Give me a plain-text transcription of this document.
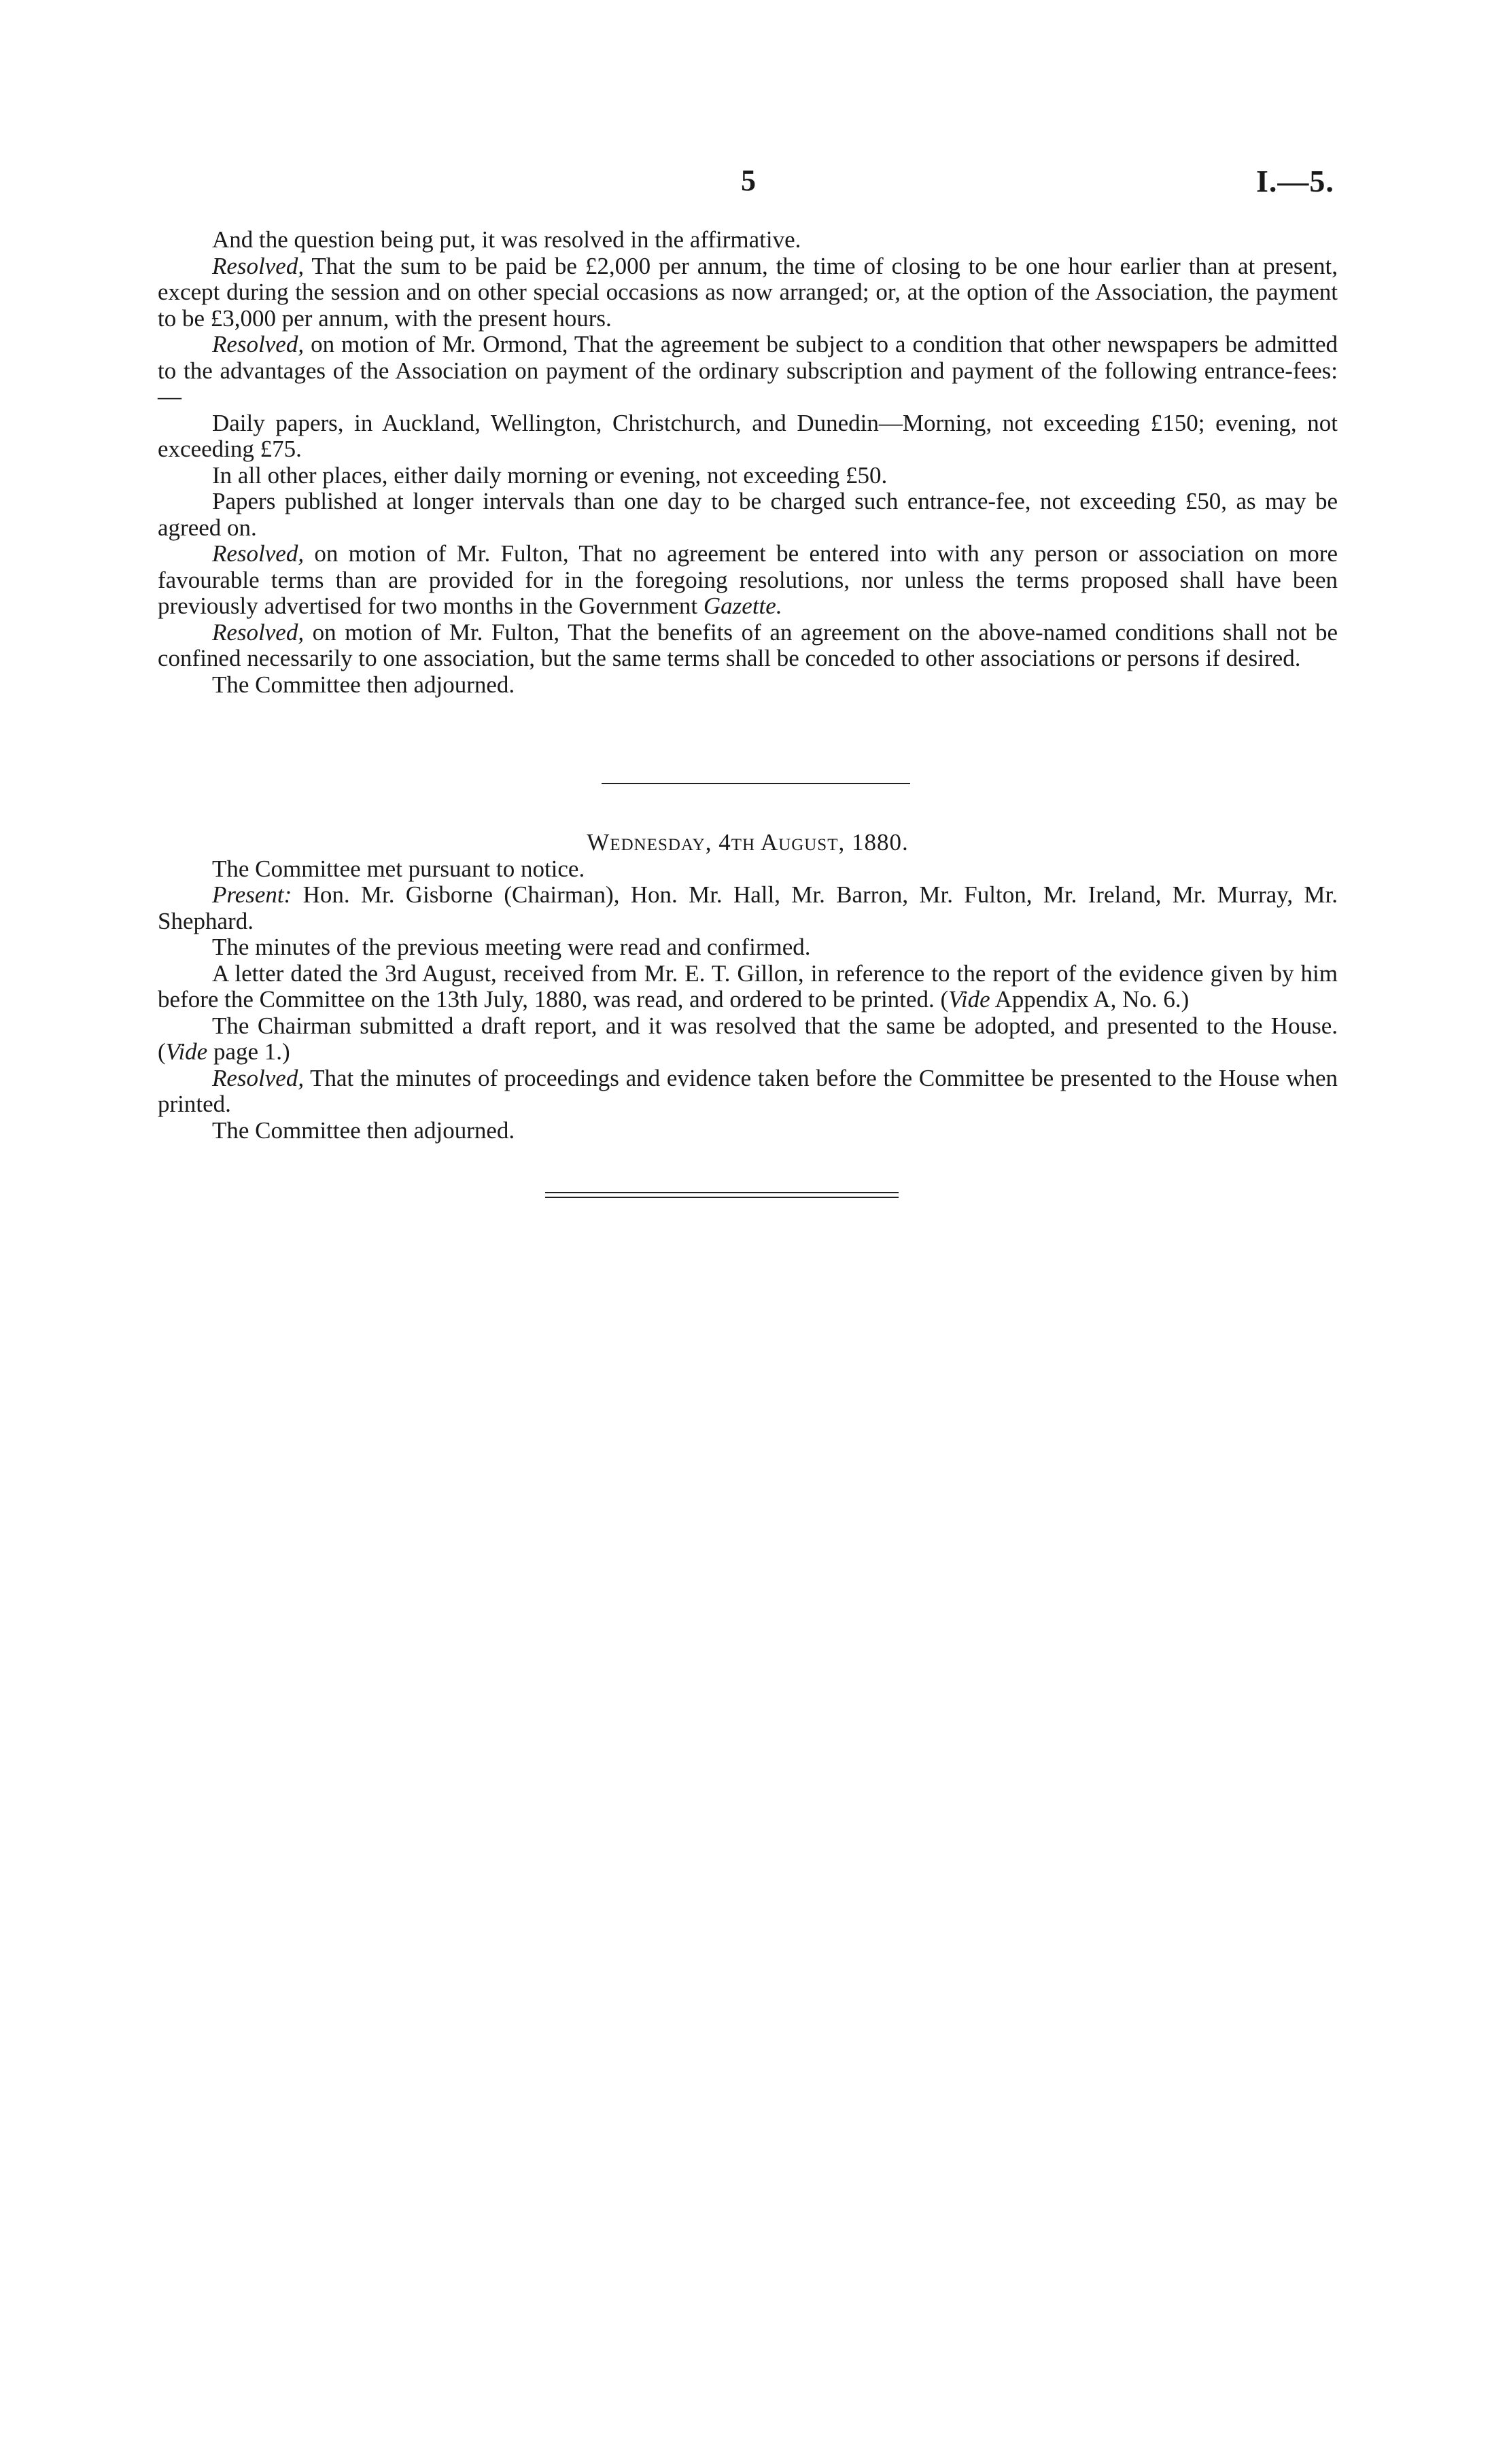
5	I.—5.

And the question being put, it was resolved in the affirmative.

Resolved, That the sum to be paid be £2,000 per annum, the time of closing to be one hour earlier than at present, except during the session and on other special occasions as now arranged; or, at the option of the Association, the payment to be £3,000 per annum, with the present hours.

Resolved, on motion of Mr. Ormond, That the agreement be subject to a condition that other newspapers be admitted to the advantages of the Association on payment of the ordinary subscription and payment of the following entrance-fees:—

Daily papers, in Auckland, Wellington, Christchurch, and Dunedin—Morning, not exceeding £150; evening, not exceeding £75.

In all other places, either daily morning or evening, not exceeding £50.

Papers published at longer intervals than one day to be charged such entrance-fee, not exceeding £50, as may be agreed on.

Resolved, on motion of Mr. Fulton, That no agreement be entered into with any person or association on more favourable terms than are provided for in the foregoing resolutions, nor unless the terms proposed shall have been previously advertised for two months in the Government Gazette.

Resolved, on motion of Mr. Fulton, That the benefits of an agreement on the above-named conditions shall not be confined necessarily to one association, but the same terms shall be conceded to other associations or persons if desired.

The Committee then adjourned.

Wednesday, 4th August, 1880.

The Committee met pursuant to notice.

Present: Hon. Mr. Gisborne (Chairman), Hon. Mr. Hall, Mr. Barron, Mr. Fulton, Mr. Ireland, Mr. Murray, Mr. Shephard.

The minutes of the previous meeting were read and confirmed.

A letter dated the 3rd August, received from Mr. E. T. Gillon, in reference to the report of the evidence given by him before the Committee on the 13th July, 1880, was read, and ordered to be printed. (Vide Appendix A, No. 6.)

The Chairman submitted a draft report, and it was resolved that the same be adopted, and presented to the House. (Vide page 1.)

Resolved, That the minutes of proceedings and evidence taken before the Committee be presented to the House when printed.

The Committee then adjourned.
